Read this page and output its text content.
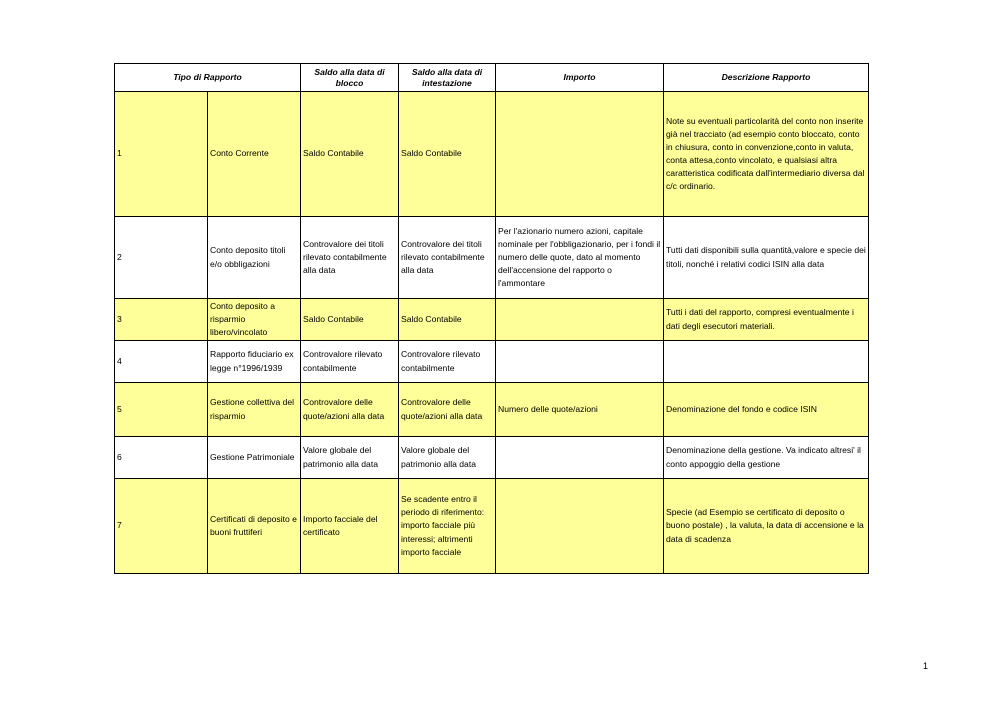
Tipo di Rapporto		Saldo alla data di blocco	Saldo alla data di intestazione	Importo	Descrizione Rapporto
1	Conto Corrente	Saldo Contabile	Saldo Contabile		Note su eventuali particolarità del conto non inserite già nel tracciato (ad esempio conto bloccato, conto in chiusura, conto in convenzione,conto in valuta, conta attesa,conto vincolato, e qualsiasi altra caratteristica codificata dall'intermediario diversa dal c/c ordinario.
2	Conto deposito titoli e/o obbligazioni	Controvalore dei titoli rilevato contabilmente alla data	Controvalore dei titoli rilevato contabilmente alla data	Per l'azionario numero azioni, capitale nominale per l'obbligazionario, per i fondi il numero delle quote, dato al momento dell'accensione del rapporto o l'ammontare	Tutti dati disponibili sulla quantità,valore e specie dei titoli, nonché i relativi codici ISIN alla data
3	Conto deposito a risparmio libero/vincolato	Saldo Contabile	Saldo Contabile		Tutti i dati del rapporto, compresi eventualmente i dati degli esecutori materiali.
4	Rapporto fiduciario ex legge n°1996/1939	Controvalore rilevato contabilmente	Controvalore rilevato contabilmente		
5	Gestione collettiva del risparmio	Controvalore delle quote/azioni alla data	Controvalore delle quote/azioni alla data	Numero delle quote/azioni	Denominazione del fondo e codice ISIN
6	Gestione Patrimoniale	Valore globale del patrimonio alla data	Valore globale del patrimonio alla data		Denominazione della gestione. Va indicato altresi' il conto appoggio della gestione
7	Certificati di deposito e buoni fruttiferi	Importo facciale del certificato	Se scadente entro il periodo di riferimento: importo facciale più interessi; altrimenti importo facciale		Specie (ad Esempio se certificato di deposito o buono postale) , la valuta, la data di accensione e la data di scadenza
1
